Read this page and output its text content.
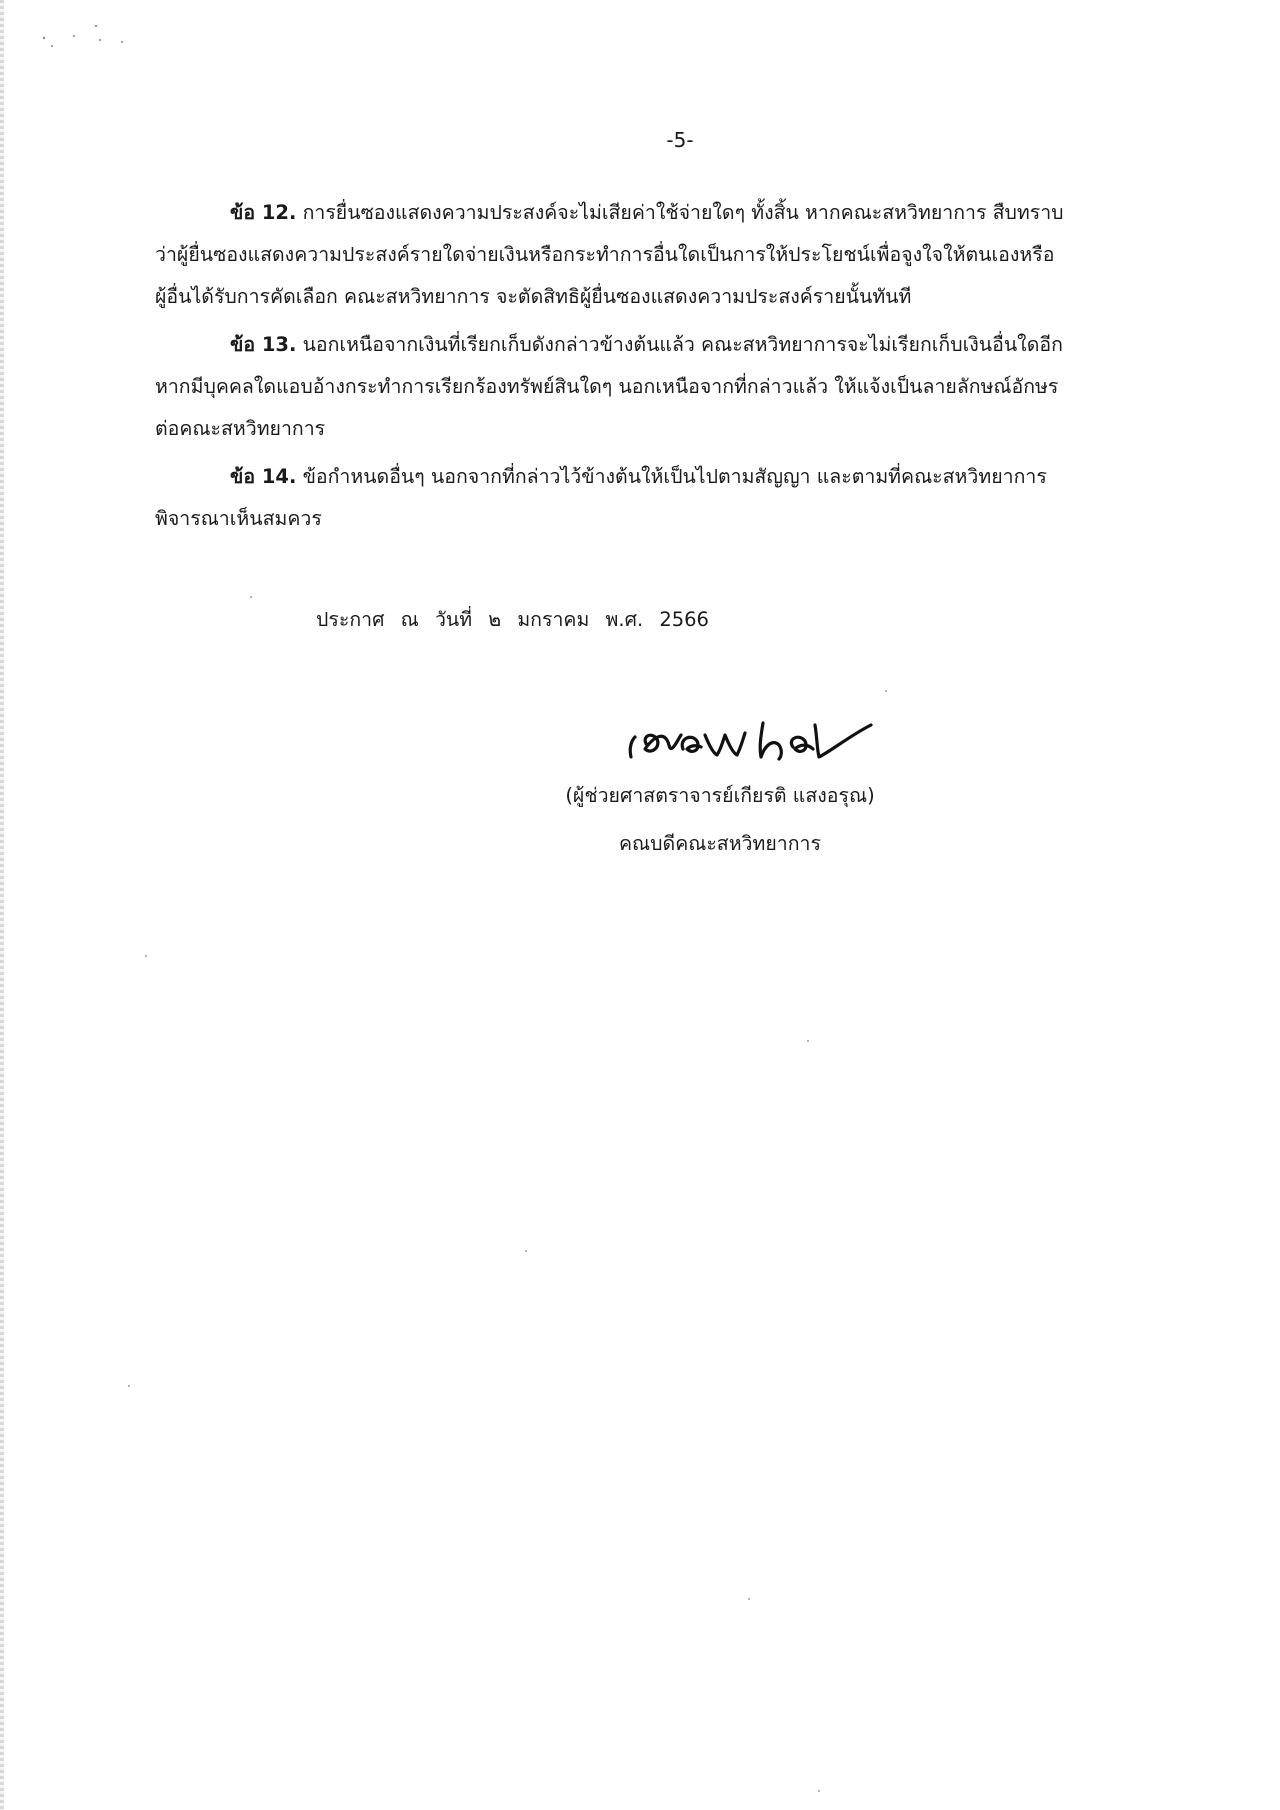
-5-
ข้อ 12. การยื่นซองแสดงความประสงค์จะไม่เสียค่าใช้จ่ายใดๆ ทั้งสิ้น หากคณะสหวิทยาการ สืบทราบ
ว่าผู้ยื่นซองแสดงความประสงค์รายใดจ่ายเงินหรือกระทำการอื่นใดเป็นการให้ประโยชน์เพื่อจูงใจให้ตนเองหรือ
ผู้อื่นได้รับการคัดเลือก คณะสหวิทยาการ จะตัดสิทธิผู้ยื่นซองแสดงความประสงค์รายนั้นทันที
ข้อ 13. นอกเหนือจากเงินที่เรียกเก็บดังกล่าวข้างต้นแล้ว คณะสหวิทยาการจะไม่เรียกเก็บเงินอื่นใดอีก
หากมีบุคคลใดแอบอ้างกระทำการเรียกร้องทรัพย์สินใดๆ นอกเหนือจากที่กล่าวแล้ว ให้แจ้งเป็นลายลักษณ์อักษร
ต่อคณะสหวิทยาการ
ข้อ 14. ข้อกำหนดอื่นๆ นอกจากที่กล่าวไว้ข้างต้นให้เป็นไปตามสัญญา และตามที่คณะสหวิทยาการ
พิจารณาเห็นสมควร
ประกาศ ณ วันที่ ๒ มกราคม พ.ศ. 2566
(ผู้ช่วยศาสตราจารย์เกียรติ แสงอรุณ)
คณบดีคณะสหวิทยาการ
